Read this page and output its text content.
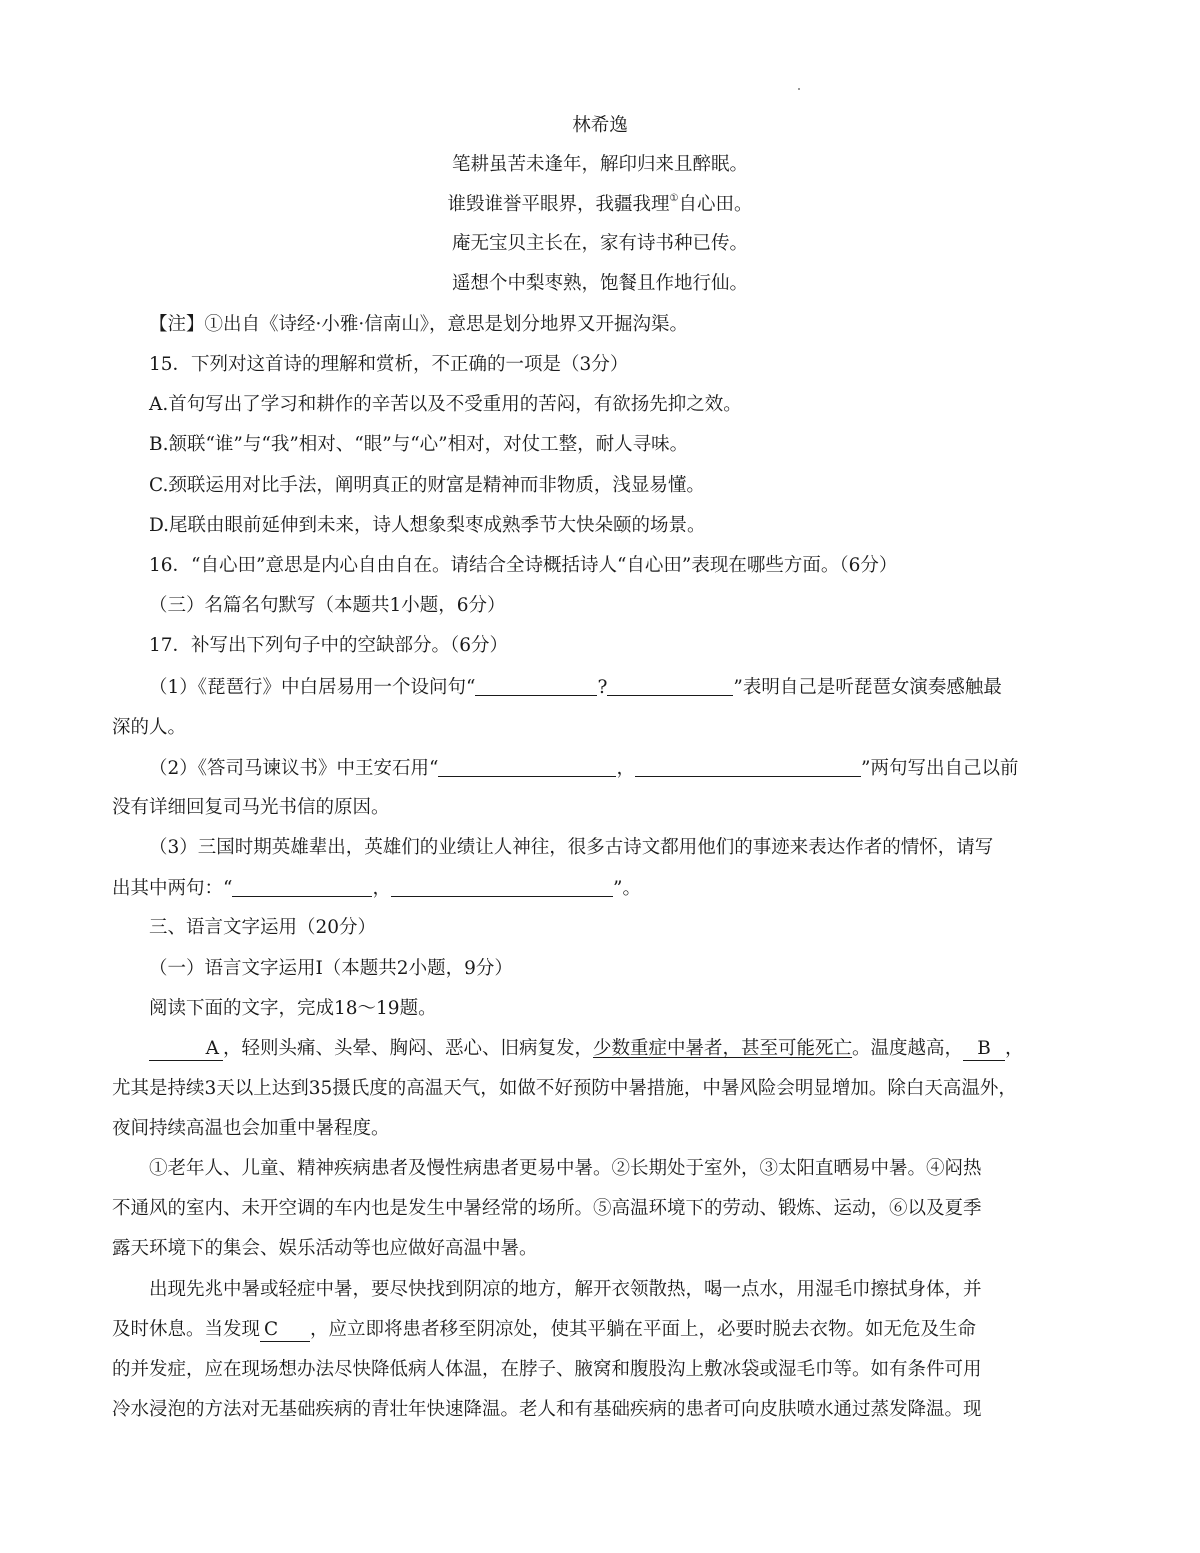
林希逸
笔耕虽苦未逢年，解印归来且醉眠。
谁毁谁誉平眼界，我疆我理①自心田。
庵无宝贝主长在，家有诗书种已传。
遥想个中梨枣熟，饱餐且作地行仙。
【注】①出自《诗经·小雅·信南山》，意思是划分地界又开掘沟渠。
15．下列对这首诗的理解和赏析，不正确的一项是（3分）
A.首句写出了学习和耕作的辛苦以及不受重用的苦闷，有欲扬先抑之效。
B.颔联“谁”与“我”相对、“眼”与“心”相对，对仗工整，耐人寻味。
C.颈联运用对比手法，阐明真正的财富是精神而非物质，浅显易懂。
D.尾联由眼前延伸到未来，诗人想象梨枣成熟季节大快朵颐的场景。
16．“自心田”意思是内心自由自在。请结合全诗概括诗人“自心田”表现在哪些方面。（6分）
（三）名篇名句默写（本题共1小题，6分）
17．补写出下列句子中的空缺部分。（6分）
（1）《琵琶行》中白居易用一个设问句“	?	”表明自己是听琵琶女演奏感触最
深的人。
（2）《答司马谏议书》中王安石用“	，	”两句写出自己以前
没有详细回复司马光书信的原因。
（3）三国时期英雄辈出，英雄们的业绩让人神往，很多古诗文都用他们的事迹来表达作者的情怀，请写
出其中两句：“	，	”。
三、语言文字运用（20分）
（一）语言文字运用Ⅰ（本题共2小题，9分）
阅读下面的文字，完成18～19题。
A ，轻则头痛、头晕、胸闷、恶心、旧病复发，少数重症中暑者，甚至可能死亡。温度越高， B ，
尤其是持续3天以上达到35摄氏度的高温天气，如做不好预防中暑措施，中暑风险会明显增加。除白天高温外，
夜间持续高温也会加重中暑程度。
①老年人、儿童、精神疾病患者及慢性病患者更易中暑。②长期处于室外，③太阳直晒易中暑。④闷热
不通风的室内、未开空调的车内也是发生中暑经常的场所。⑤高温环境下的劳动、锻炼、运动，⑥以及夏季
露天环境下的集会、娱乐活动等也应做好高温中暑。
出现先兆中暑或轻症中暑，要尽快找到阴凉的地方，解开衣领散热，喝一点水，用湿毛巾擦拭身体，并
及时休息。当发现 C ，应立即将患者移至阴凉处，使其平躺在平面上，必要时脱去衣物。如无危及生命
的并发症，应在现场想办法尽快降低病人体温，在脖子、腋窝和腹股沟上敷冰袋或湿毛巾等。如有条件可用
冷水浸泡的方法对无基础疾病的青壮年快速降温。老人和有基础疾病的患者可向皮肤喷水通过蒸发降温。现
